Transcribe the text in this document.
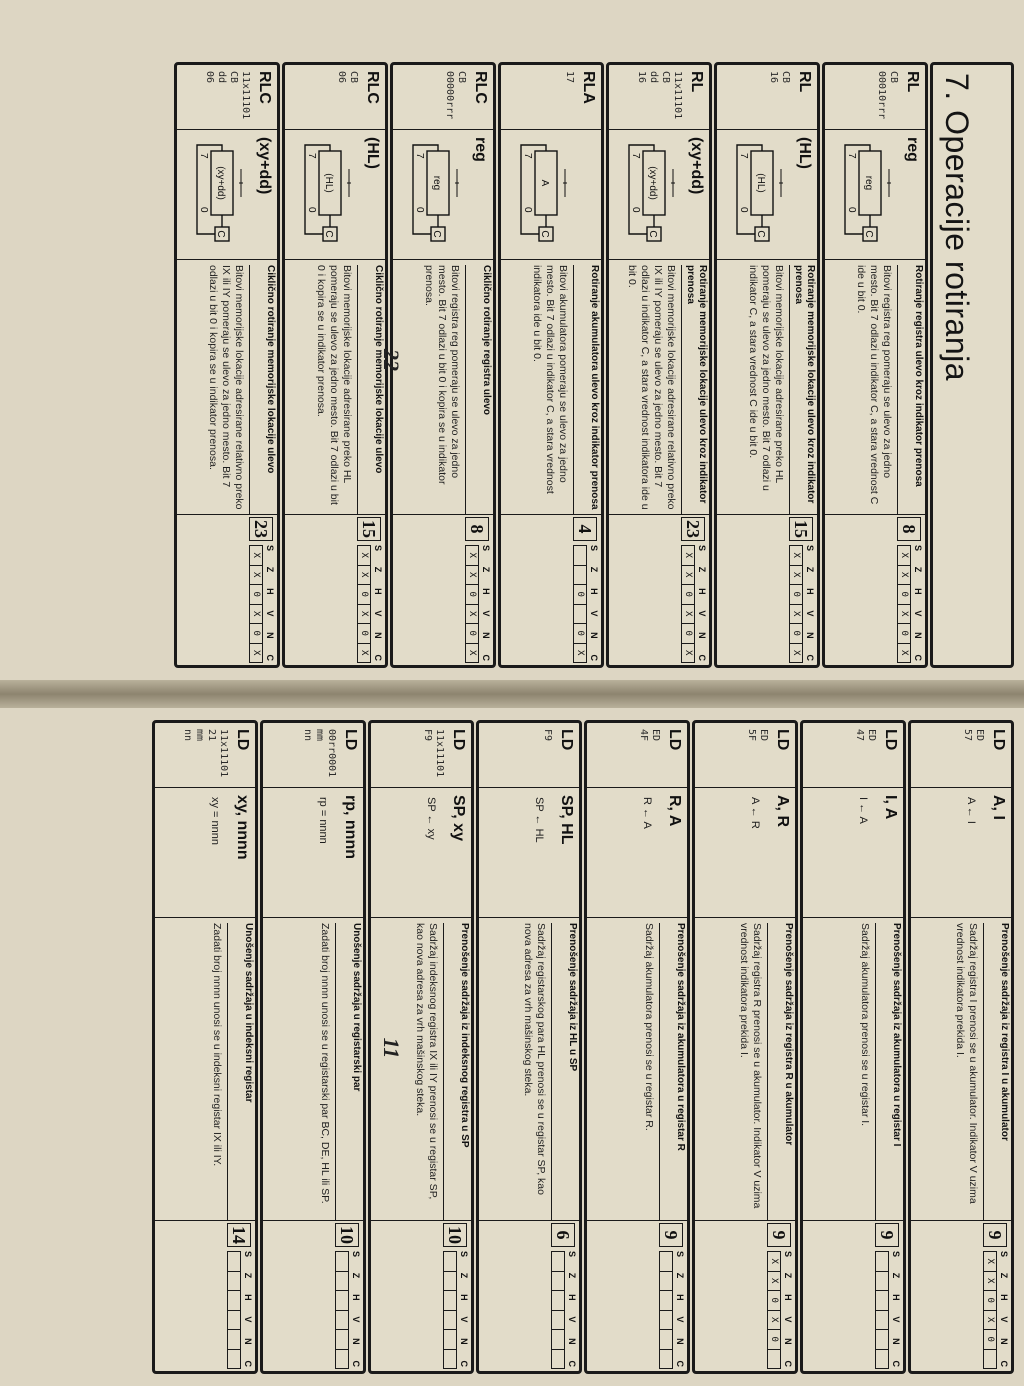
7. Operacije rotiranja
RL
CB
00010rrr
reg
reg
7
0
C
Rotiranje registra ulevo kroz indikator prenosa
Bitovi registra reg pomeraju se ulevo za jedno mesto. Bit 7 odlazi u indikator C, a stara vrednost C ide u bit 0.
8
S
Z
H
V
N
C
X
X
0
X
0
X
RL
CB
16
(HL)
(HL)
7
0
C
Rotiranje memorijske lokacije ulevo kroz indikator prenosa
Bitovi memorijske lokacije adresirane preko HL pomeraju se ulevo za jedno mesto. Bit 7 odlazi u indikator C, a stara vrednost C ide u bit 0.
15
S
Z
H
V
N
C
X
X
0
X
0
X
RL
11x11101
CB
dd
16
(xy+dd)
(xy+dd)
7
0
C
Rotiranje memorijske lokacije ulevo kroz indikator prenosa
Bitovi memorijske lokacije adresirane relativno preko IX ili IY pomeraju se ulevo za jedno mesto. Bit 7 odlazi u indikator C, a stara vrednost indikatora ide u bit 0.
23
S
Z
H
V
N
C
X
X
0
X
0
X
RLA
17
A
7
0
C
Rotiranje akumulatora ulevo kroz indikator prenosa
Bitovi akumulatora pomeraju se ulevo za jedno mesto. Bit 7 odlazi u indikator C, a stara vrednost indikatora ide u bit 0.
4
S
Z
H
V
N
C
0
0
X
RLC
CB
00000rrr
reg
reg
7
0
C
Ciklično rotiranje registra ulevo
Bitovi registra reg pomeraju se ulevo za jedno mesto. Bit 7 odlazi u bit 0 i kopira se u indikator prenosa.
8
S
Z
H
V
N
C
X
X
0
X
0
X
RLC
CB
06
(HL)
(HL)
7
0
C
Ciklično rotiranje memorijske lokacije ulevo
Bitovi memorijske lokacije adresirane preko HL pomeraju se ulevo za jedno mesto. Bit 7 odlazi u bit 0 i kopira se u indikator prenosa.
15
S
Z
H
V
N
C
X
X
0
X
0
X
RLC
11x11101
CB
dd
06
(xy+dd)
(xy+dd)
7
0
C
Ciklično rotiranje memorijske lokacije ulevo
Bitovi memorijske lokacije adresirane relativno preko IX ili IY pomeraju se ulevo za jedno mesto. Bit 7 odlazi u bit 0 i kopira se u indikator prenosa.
23
S
Z
H
V
N
C
X
X
0
X
0
X
22
LD
ED
57
A, I
A ← I
Prenošenje sadržaja iz registra I u akumulator
Sadržaj registra I prenosi se u akumulator. Indikator V uzima vrednost indikatora prekida I.
9
S
Z
H
V
N
C
X
X
0
X
0
LD
ED
47
I, A
I ← A
Prenošenje sadržaja iz akumulatora u registar I
Sadržaj akumulatora prenosi se u registar I.
9
S
Z
H
V
N
C
LD
ED
5F
A, R
A ← R
Prenošenje sadržaja iz registra R u akumulator
Sadržaj registra R prenosi se u akumulator. Indikator V uzima vrednost indikatora prekida I.
9
S
Z
H
V
N
C
X
X
0
X
0
LD
ED
4F
R, A
R ← A
Prenošenje sadržaja iz akumulatora u registar R
Sadržaj akumulatora prenosi se u registar R.
9
S
Z
H
V
N
C
LD
F9
SP, HL
SP ← HL
Prenošenje sadržaja iz HL u SP
Sadržaj registarskog para HL prenosi se u registar SP, kao nova adresa za vrh mašinskog steka.
6
S
Z
H
V
N
C
LD
11x11101
F9
SP, xy
SP ← xy
Prenošenje sadržaja iz indeksnog registra u SP
Sadržaj indeksnog registra IX ili IY prenosi se u registar SP, kao nova adresa za vrh mašinskog steka.
10
S
Z
H
V
N
C
LD
00rr0001
mm
nn
rp, nnnn
rp = nnnn
Unošenje sadržaja u registarski par
Zadati broj nnnn unosi se u registarski par BC, DE, HL ili SP.
10
S
Z
H
V
N
C
LD
11x11101
21
mm
nn
xy, nnnn
xy = nnnn
Unošenje sadržaja u indeksni registar
Zadati broj nnnn unosi se u indeksni registar IX ili IY.
14
S
Z
H
V
N
C
11
